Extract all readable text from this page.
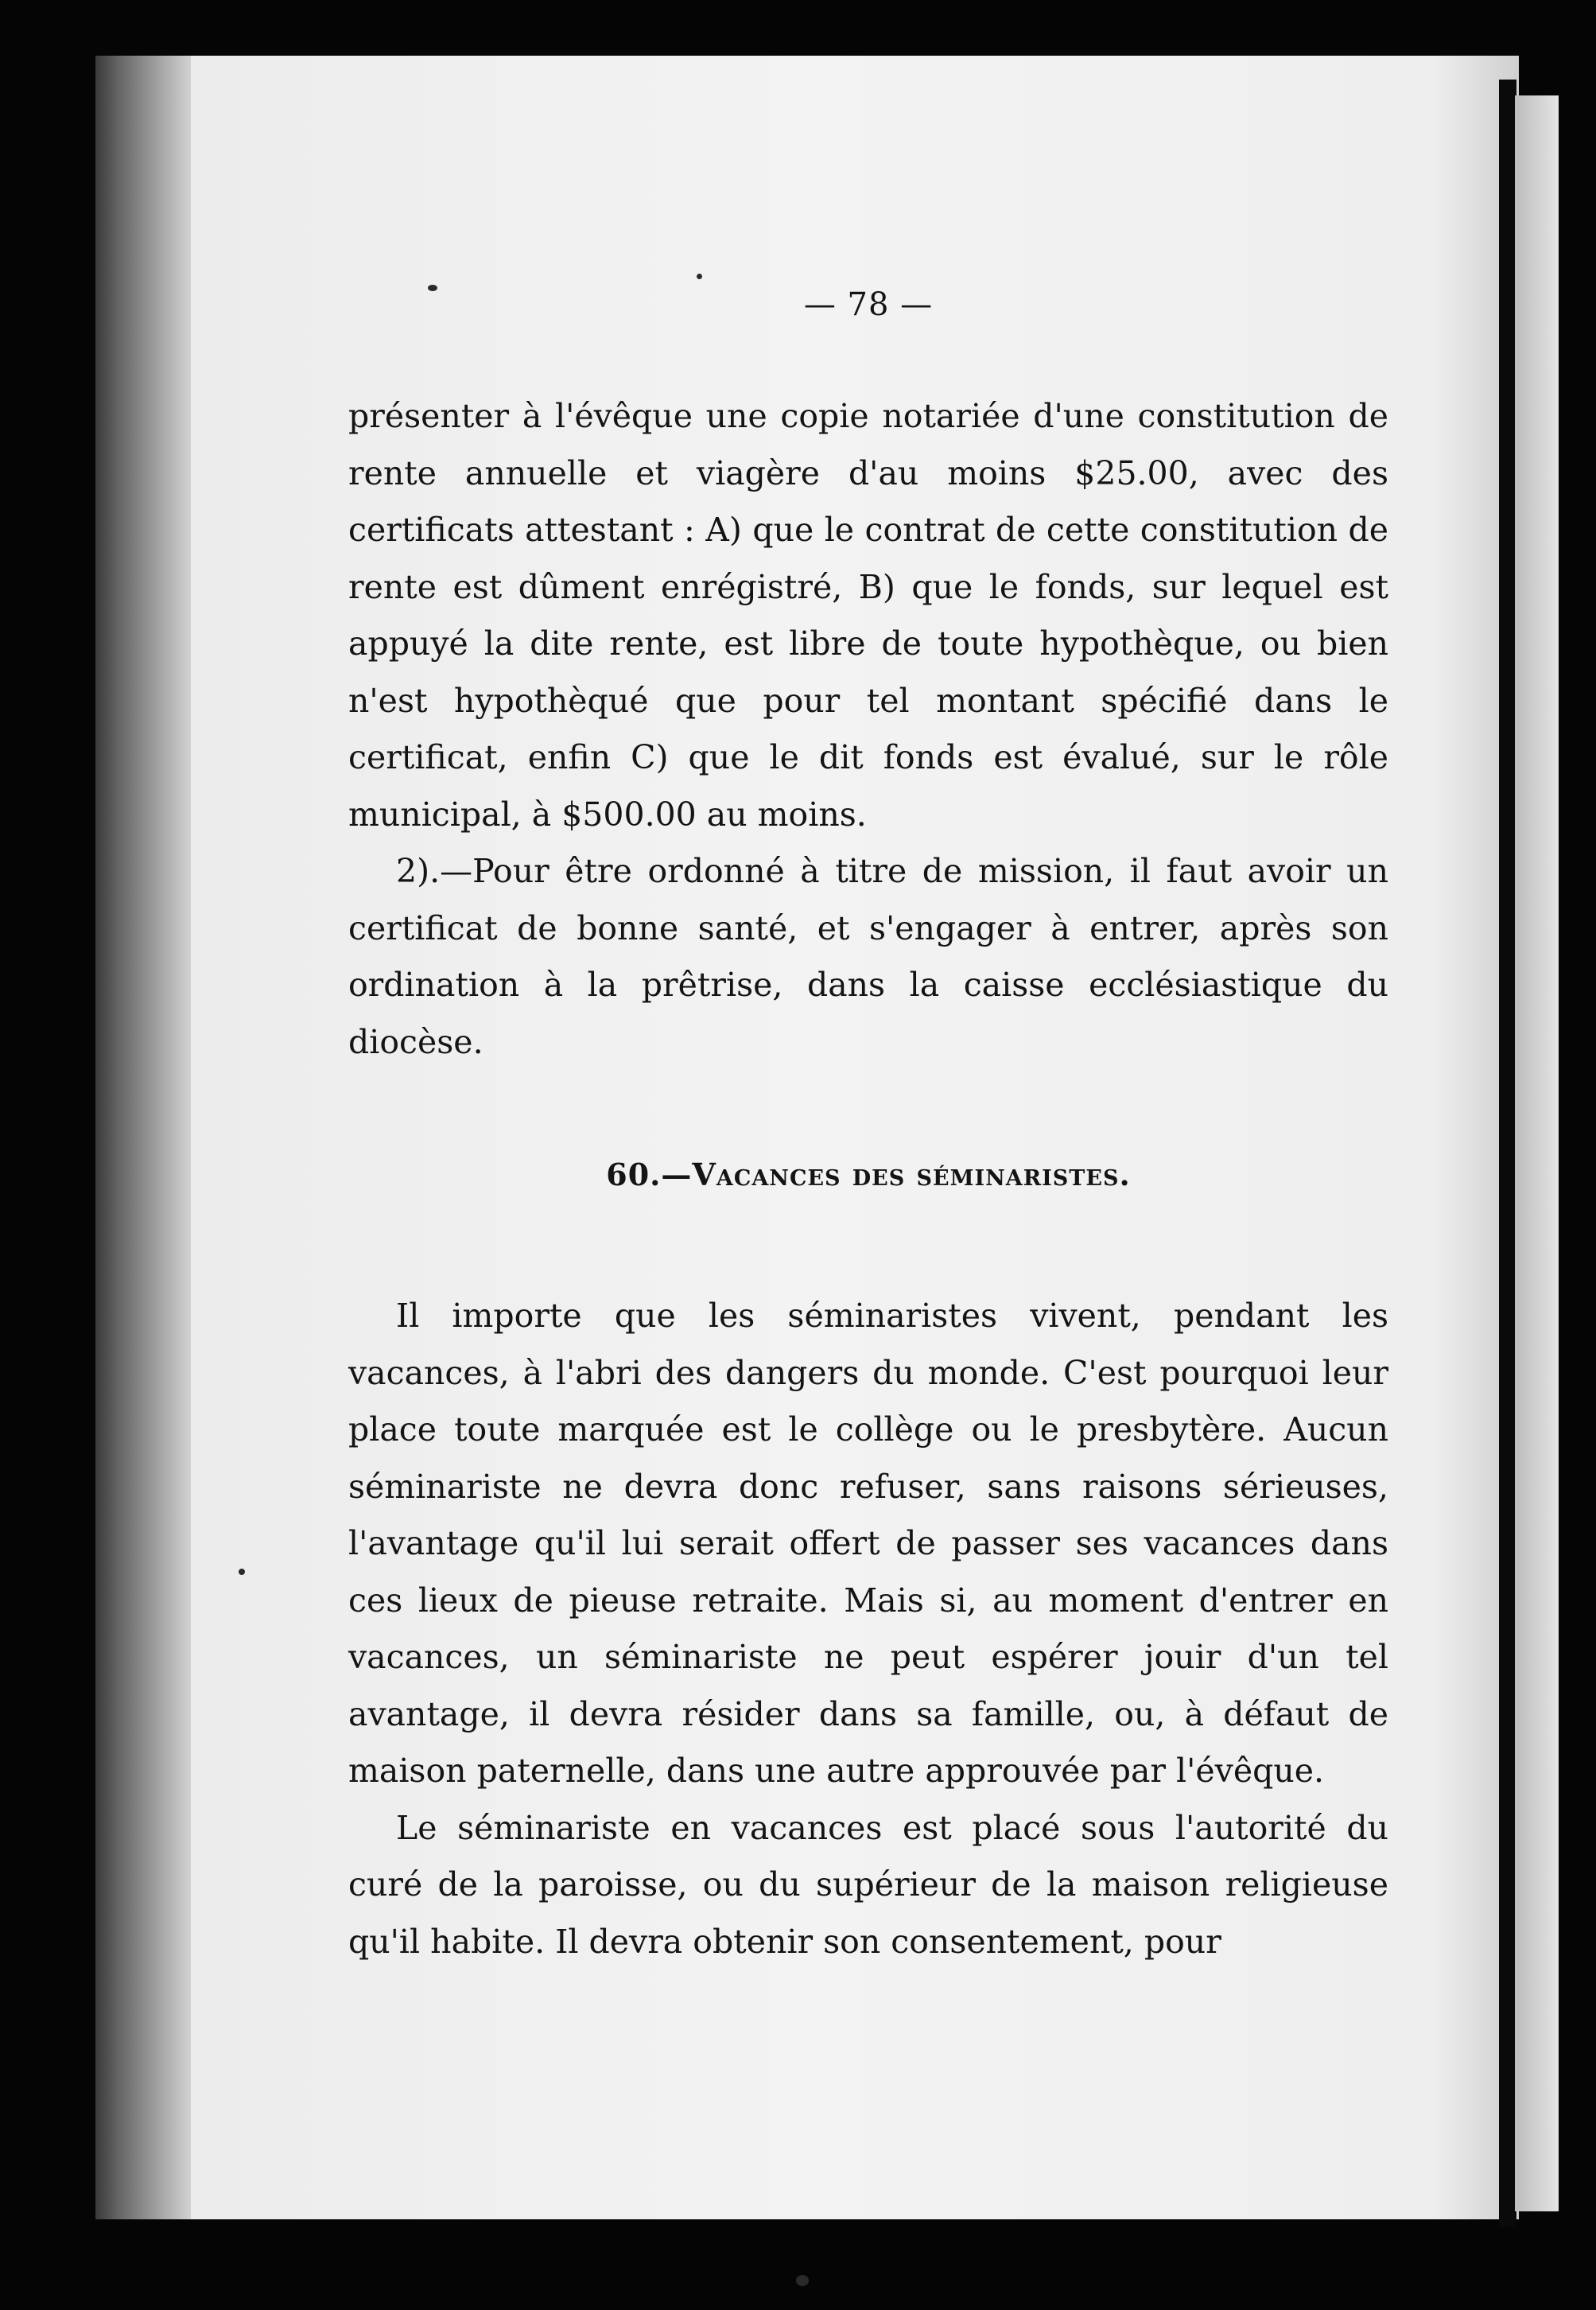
— 78 —

présenter à l'évêque une copie notariée d'une constitution de rente annuelle et viagère d'au moins $25.00, avec des certificats attestant : A) que le contrat de cette constitution de rente est dûment enrégistré, B) que le fonds, sur lequel est appuyé la dite rente, est libre de toute hypothèque, ou bien n'est hypothèqué que pour tel montant spécifié dans le certificat, enfin C) que le dit fonds est évalué, sur le rôle municipal, à $500.00 au moins.

2).—Pour être ordonné à titre de mission, il faut avoir un certificat de bonne santé, et s'engager à entrer, après son ordination à la prêtrise, dans la caisse ecclésiastique du diocèse.

60.—Vacances des séminaristes.

Il importe que les séminaristes vivent, pendant les vacances, à l'abri des dangers du monde. C'est pourquoi leur place toute marquée est le collège ou le presbytère. Aucun séminariste ne devra donc refuser, sans raisons sérieuses, l'avantage qu'il lui serait offert de passer ses vacances dans ces lieux de pieuse retraite. Mais si, au moment d'entrer en vacances, un séminariste ne peut espérer jouir d'un tel avantage, il devra résider dans sa famille, ou, à défaut de maison paternelle, dans une autre approuvée par l'évêque.

Le séminariste en vacances est placé sous l'autorité du curé de la paroisse, ou du supérieur de la maison religieuse qu'il habite. Il devra obtenir son consentement, pour
